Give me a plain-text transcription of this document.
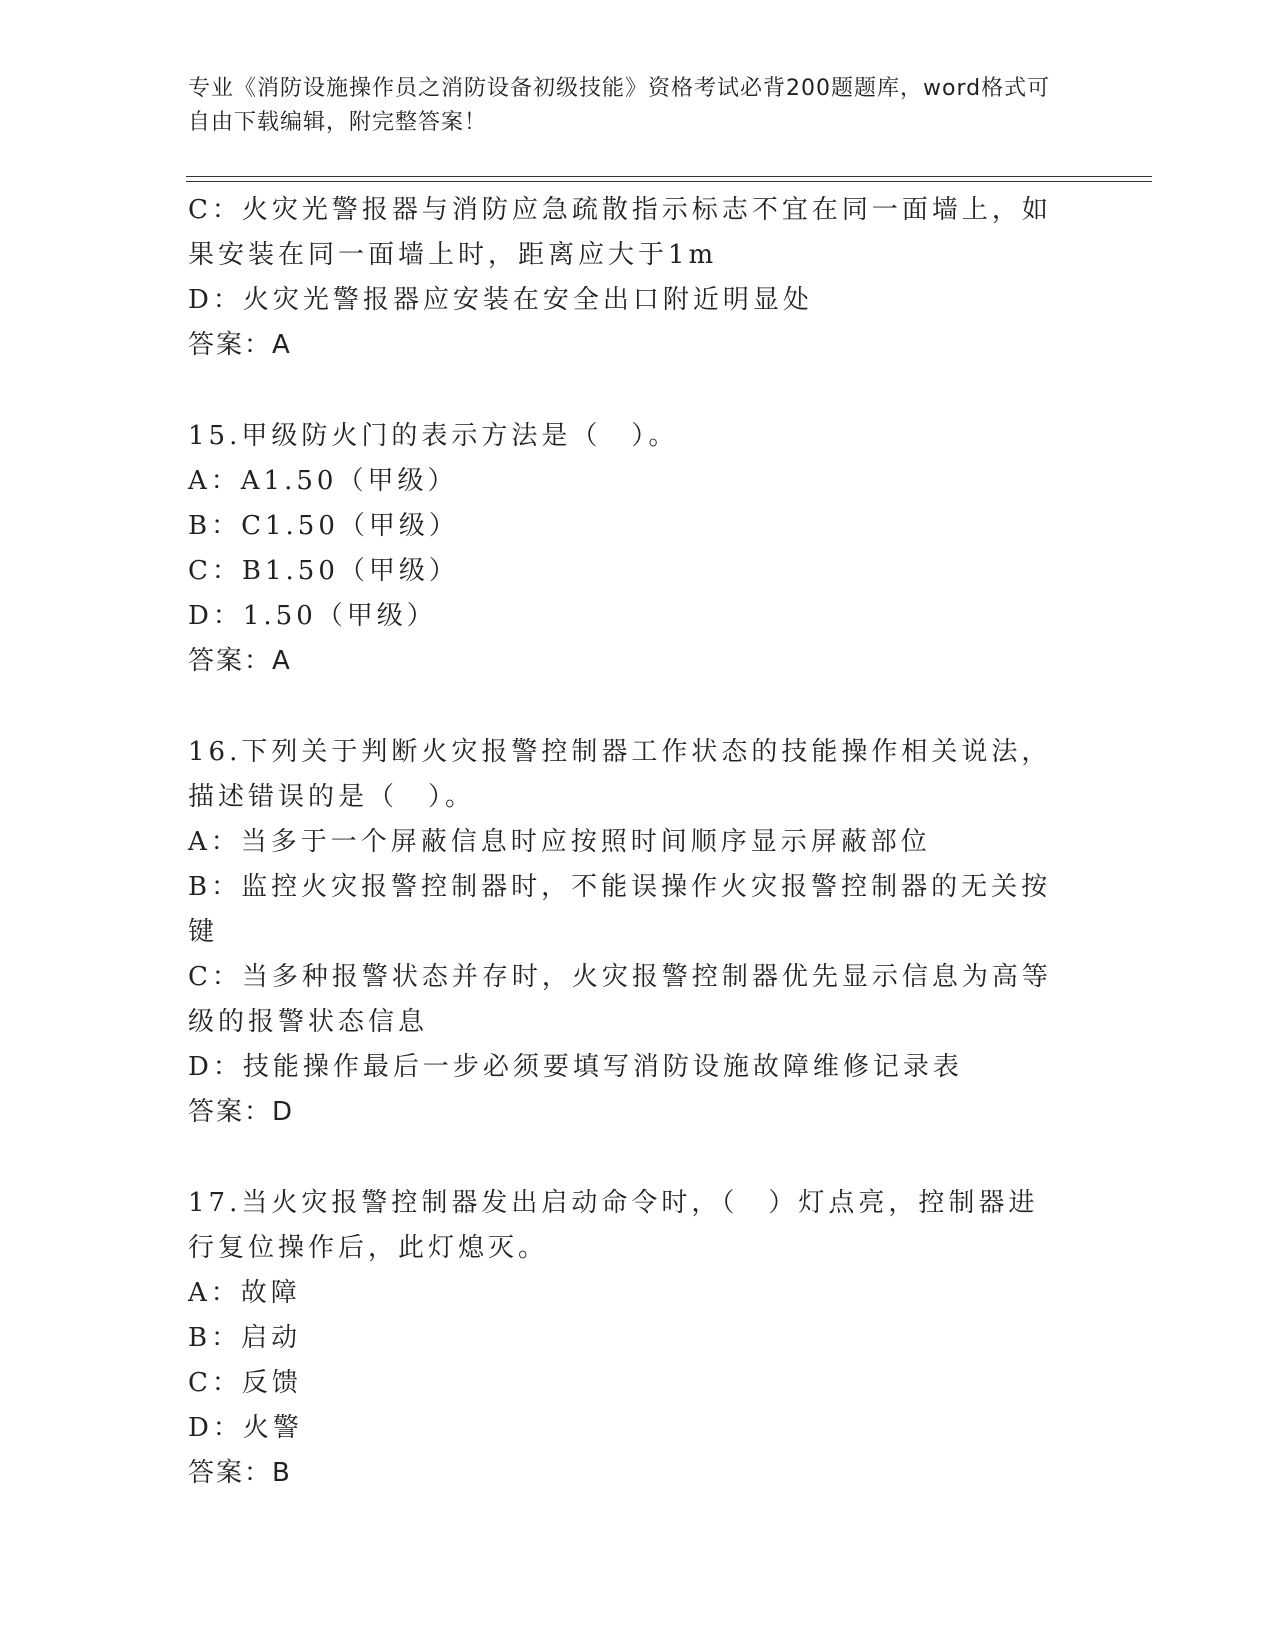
专业《消防设施操作员之消防设备初级技能》资格考试必背200题题库，word格式可自由下载编辑，附完整答案！
C：火灾光警报器与消防应急疏散指示标志不宜在同一面墙上，如果安装在同一面墙上时，距离应大于1m
D：火灾光警报器应安装在安全出口附近明显处
答案：A
15.甲级防火门的表示方法是（　）。
A：A1.50（甲级）
B：C1.50（甲级）
C：B1.50（甲级）
D：1.50（甲级）
答案：A
16.下列关于判断火灾报警控制器工作状态的技能操作相关说法，描述错误的是（　）。
A：当多于一个屏蔽信息时应按照时间顺序显示屏蔽部位
B：监控火灾报警控制器时，不能误操作火灾报警控制器的无关按键
C：当多种报警状态并存时，火灾报警控制器优先显示信息为高等级的报警状态信息
D：技能操作最后一步必须要填写消防设施故障维修记录表
答案：D
17.当火灾报警控制器发出启动命令时，（　）灯点亮，控制器进行复位操作后，此灯熄灭。
A：故障
B：启动
C：反馈
D：火警
答案：B
